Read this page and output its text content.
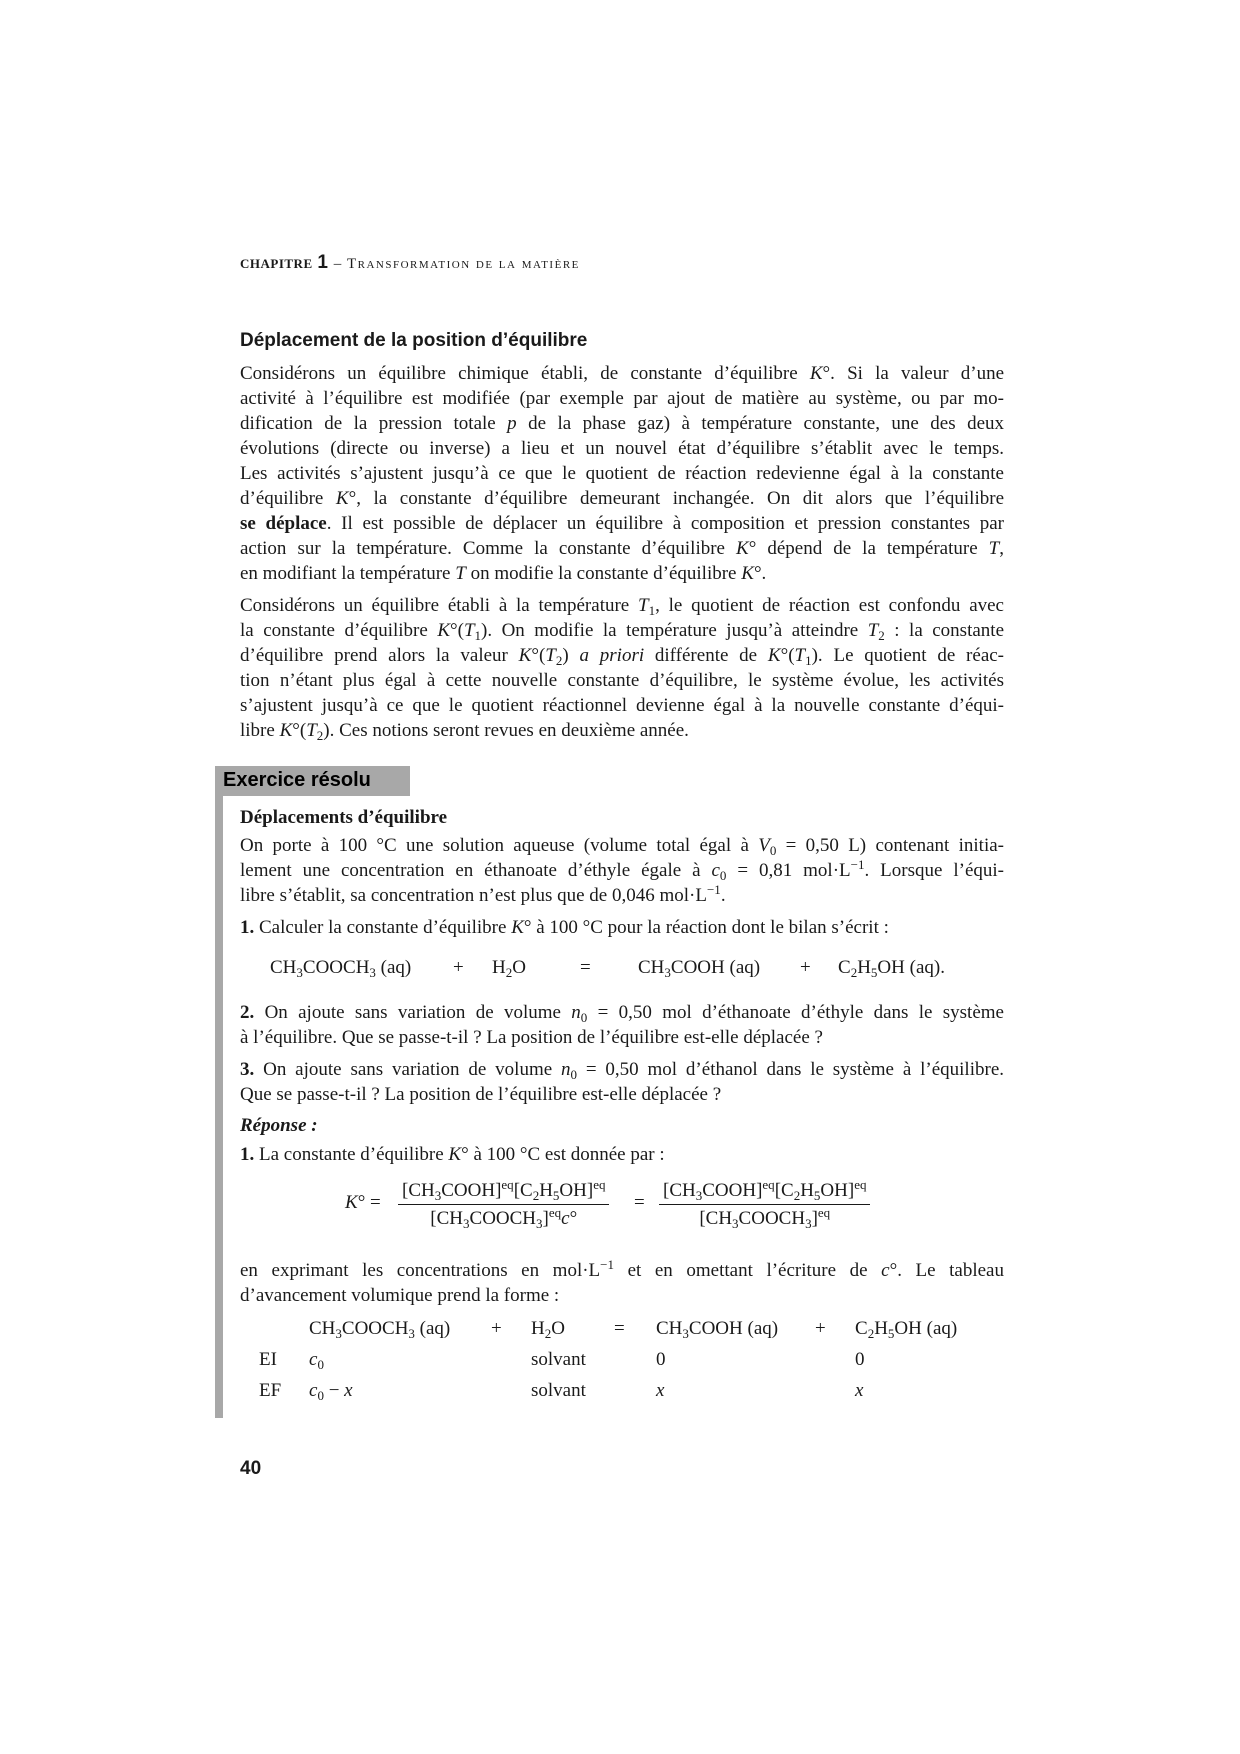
CHAPITRE 1 – Transformation de la matière
Déplacement de la position d’équilibre
Considérons un équilibre chimique établi, de constante d’équilibre K°. Si la valeur d’une
activité à l’équilibre est modifiée (par exemple par ajout de matière au système, ou par mo-
dification de la pression totale p de la phase gaz) à température constante, une des deux
évolutions (directe ou inverse) a lieu et un nouvel état d’équilibre s’établit avec le temps.
Les activités s’ajustent jusqu’à ce que le quotient de réaction redevienne égal à la constante
d’équilibre K°, la constante d’équilibre demeurant inchangée. On dit alors que l’équilibre
se déplace. Il est possible de déplacer un équilibre à composition et pression constantes par
action sur la température. Comme la constante d’équilibre K° dépend de la température T,
en modifiant la température T on modifie la constante d’équilibre K°.
Considérons un équilibre établi à la température $T_1$, le quotient de réaction est confondu avec
la constante d’équilibre $K^\circ(T_1)$. On modifie la température jusqu’à atteindre $T_2$ : la constante
d’équilibre prend alors la valeur $K^\circ(T_2)$ a priori différente de $K^\circ(T_1)$. Le quotient de réac-
tion n’étant plus égal à cette nouvelle constante d’équilibre, le système évolue, les activités
s’ajustent jusqu’à ce que le quotient réactionnel devienne égal à la nouvelle constante d’équi-
libre $K^\circ(T_2)$. Ces notions seront revues en deuxième année.
Exercice résolu
Déplacements d’équilibre
On porte à 100 °C une solution aqueuse (volume total égal à $V_0 = 0,50$ L) contenant initia-
lement une concentration en éthanoate d’éthyle égale à $c_0 = 0,81$ $mol\cdot L^{-1}$. Lorsque l’équi-
libre s’établit, sa concentration n’est plus que de 0,046 $mol\cdot L^{-1}$.
1. Calculer la constante d’équilibre K° à 100 °C pour la réaction dont le bilan s’écrit :
$CH_3COOCH_3$ $(aq) + H_2O$	= $CH_3COOH$ $(aq) + C_2H_5OH$ (aq).
2. On ajoute sans variation de volume $n_0 = 0,50$ mol d’éthanoate d’éthyle dans le système
à l’équilibre. Que se passe-t-il ? La position de l’équilibre est-elle déplacée ?
3. On ajoute sans variation de volume $n_0 = 0,50$ mol d’éthanol dans le système à l’équilibre.
Que se passe-t-il ? La position de l’équilibre est-elle déplacée ?
Réponse :
1. La constante d’équilibre K° à 100 °C est donnée par :
K° =
$[CH_3COOH]^{eq}[C_2H_5OH]^{eq}$
$[CH_3COOCH_3]^{eq}c^\circ$
=
$[CH_3COOH]^{eq}[C_2H_5OH]^{eq}$
$[CH_3COOCH_3]^{eq}$
en exprimant les concentrations en $mol\cdot L^{-1}$ et en omettant l’écriture de c°. Le tableau
d’avancement volumique prend la forme :
$CH_3COOCH_3$ $(aq) + H_2O$	= $CH_3COOH$ $(aq) + C_2H_5OH$ (aq)
EI $c_0$	solvant	0	0
EF $c_0 - x$	solvant	x	x
40
